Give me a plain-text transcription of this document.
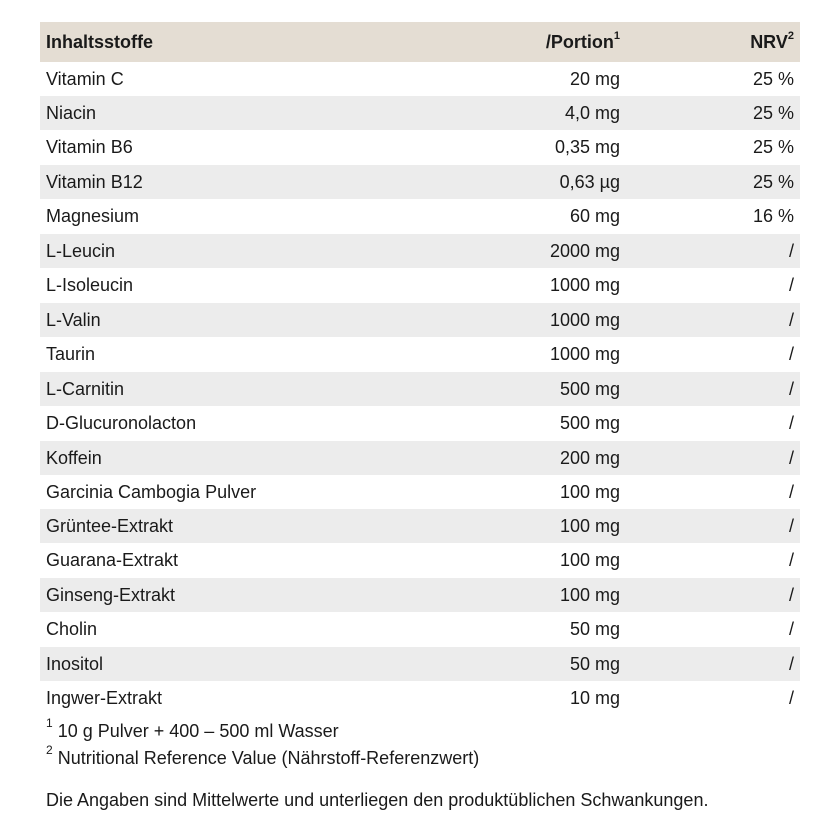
Inhaltsstoffe	/Portion$^1$	NRV$^2$
Vitamin C	20 mg	25 %
Niacin	4,0 mg	25 %
Vitamin B6	0,35 mg	25 %
Vitamin B12	0,63 µg	25 %
Magnesium	60 mg	16 %
L-Leucin	2000 mg	/
L-Isoleucin	1000 mg	/
L-Valin	1000 mg	/
Taurin	1000 mg	/
L-Carnitin	500 mg	/
D-Glucuronolacton	500 mg	/
Koffein	200 mg	/
Garcinia Cambogia Pulver	100 mg	/
Grüntee-Extrakt	100 mg	/
Guarana-Extrakt	100 mg	/
Ginseng-Extrakt	100 mg	/
Cholin	50 mg	/
Inositol	50 mg	/
Ingwer-Extrakt	10 mg	/
$^1$ 10 g Pulver + 400 – 500 ml Wasser
$^2$ Nutritional Reference Value (Nährstoff-Referenzwert)
Die Angaben sind Mittelwerte und unterliegen den produktüblichen Schwankungen.
